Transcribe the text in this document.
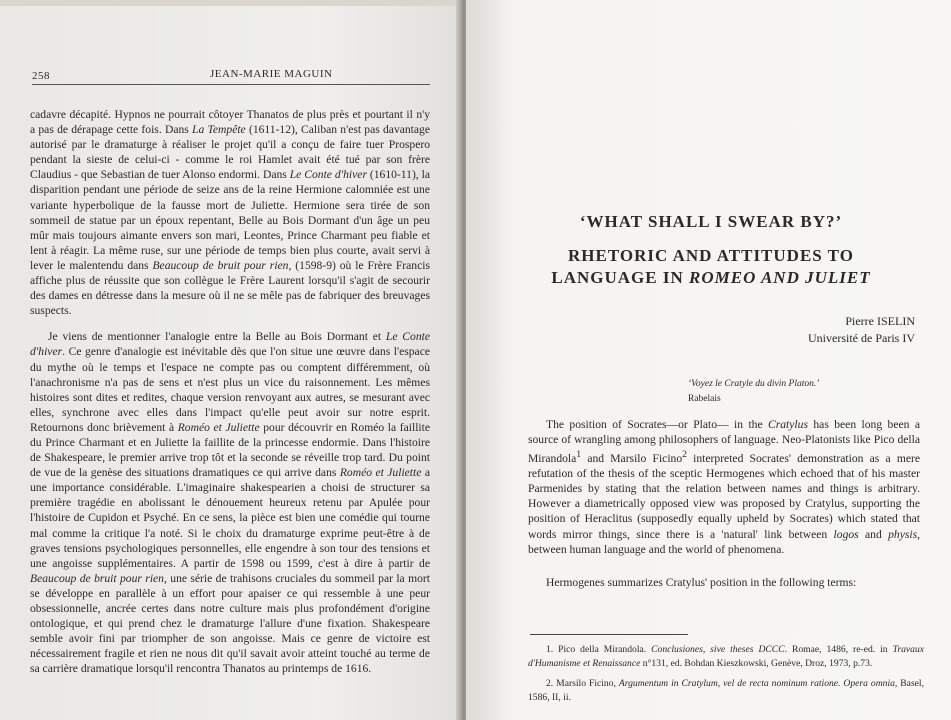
258	JEAN-MARIE MAGUIN

cadavre décapité. Hypnos ne pourrait côtoyer Thanatos de plus près et pourtant il n'y a pas de dérapage cette fois. Dans La Tempête (1611-12), Caliban n'est pas davantage autorisé par le dramaturge à réaliser le projet qu'il a conçu de faire tuer Prospero pendant la sieste de celui-ci - comme le roi Hamlet avait été tué par son frère Claudius - que Sebastian de tuer Alonso endormi. Dans Le Conte d'hiver (1610-11), la disparition pendant une période de seize ans de la reine Hermione calomniée est une variante hyperbolique de la fausse mort de Juliette. Hermione sera tirée de son sommeil de statue par un époux repentant, Belle au Bois Dormant d'un âge un peu mûr mais toujours aimante envers son mari, Leontes, Prince Charmant peu fiable et lent à réagir. La même ruse, sur une période de temps bien plus courte, avait servi à lever le malentendu dans Beaucoup de bruit pour rien, (1598-9) où le Frère Francis affiche plus de réussite que son collègue le Frère Laurent lorsqu'il s'agit de secourir des dames en détresse dans la mesure où il ne se mêle pas de fabriquer des breuvages suspects.

Je viens de mentionner l'analogie entre la Belle au Bois Dormant et Le Conte d'hiver. Ce genre d'analogie est inévitable dès que l'on situe une œuvre dans l'espace du mythe où le temps et l'espace ne compte pas ou comptent différemment, où l'anachronisme n'a pas de sens et n'est plus un vice du raisonnement. Les mêmes histoires sont dites et redites, chaque version renvoyant aux autres, se mesurant avec elles, synchrone avec elles dans l'impact qu'elle peut avoir sur notre esprit. Retournons donc brièvement à Roméo et Juliette pour découvrir en Roméo la faillite du Prince Charmant et en Juliette la faillite de la princesse endormie. Dans l'histoire de Shakespeare, le premier arrive trop tôt et la seconde se réveille trop tard. Du point de vue de la genèse des situations dramatiques ce qui arrive dans Roméo et Juliette a une importance considérable. L'imaginaire shakespearien a choisi de structurer sa première tragédie en abolissant le dénouement heureux retenu par Apulée pour l'histoire de Cupidon et Psyché. En ce sens, la pièce est bien une comédie qui tourne mal comme la critique l'a noté. Si le choix du dramaturge exprime peut-être à de graves tensions psychologiques personnelles, elle engendre à son tour des tensions et une angoisse supplémentaires. A partir de 1598 ou 1599, c'est à dire à partir de Beaucoup de bruit pour rien, une série de trahisons cruciales du sommeil par la mort se développe en parallèle à un effort pour apaiser ce qui ressemble à une peur obsessionnelle, ancrée certes dans notre culture mais plus profondément d'origine ontologique, et qui prend chez le dramaturge l'allure d'une fixation. Shakespeare semble avoir fini par triompher de son angoisse. Mais ce genre de victoire est nécessairement fragile et rien ne nous dit qu'il savait avoir atteint touché au terme de sa carrière dramatique lorsqu'il rencontra Thanatos au printemps de 1616.

‘WHAT SHALL I SWEAR BY?’
RHETORIC AND ATTITUDES TO
LANGUAGE IN ROMEO AND JULIET
Pierre ISELIN
Université de Paris IV
‘Voyez le Cratyle du divin Platon.’
Rabelais

The position of Socrates—or Plato— in the Cratylus has been long been a source of wrangling among philosophers of language. Neo-Platonists like Pico della Mirandola$^1$ and Marsilo Ficino$^2$ interpreted Socrates' demonstration as a mere refutation of the thesis of the sceptic Hermogenes which echoed that of his master Parmenides by stating that the relation between names and things is arbitrary. However a diametrically opposed view was proposed by Cratylus, supporting the position of Heraclitus (supposedly equally upheld by Socrates) which stated that words mirror things, since there is a 'natural' link between logos and physis, between human language and the world of phenomena.

Hermogenes summarizes Cratylus' position in the following terms:

1. Pico della Mirandola. Conclusiones, sive theses DCCC. Romae, 1486, re-ed. in Travaux d'Humanisme et Renaissance n°131, ed. Bohdan Kieszkowski, Genève, Droz, 1973, p.73.

2. Marsilo Ficino, Argumentum in Cratylum, vel de recta nominum ratione. Opera omnia, Basel, 1586, II, ii.
